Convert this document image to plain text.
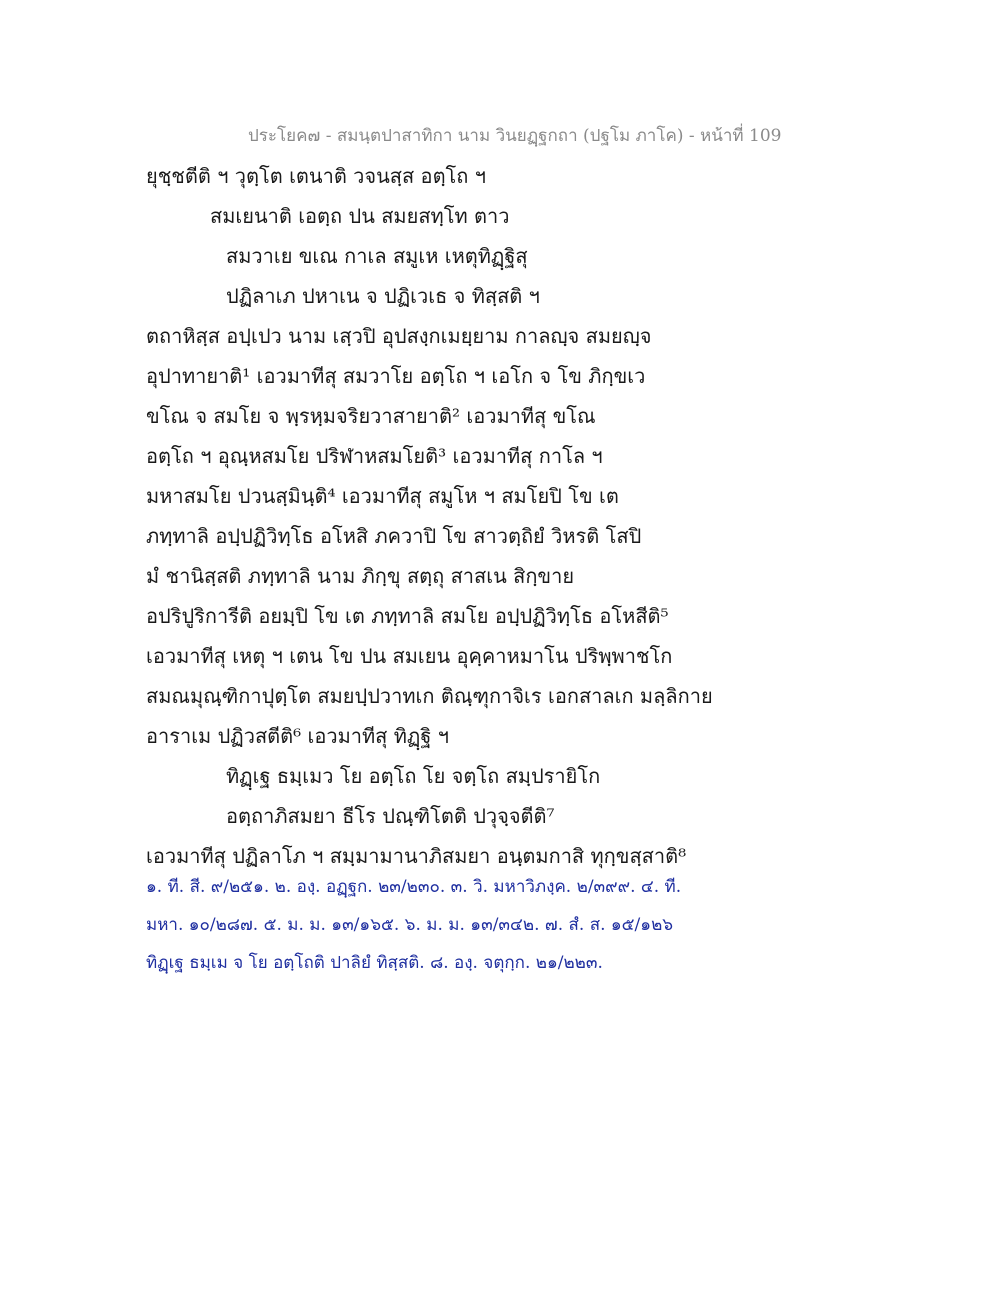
ประโยค๗ - สมนฺตปาสาทิกา นาม วินยฏฺฐกถา (ปฐโม ภาโค) - หน้าที่ 109
ยุชฺชตีติ ฯ วุตฺโต เตนาติ วจนสฺส อตฺโถ ฯ
สมเยนาติ เอตฺถ ปน สมยสทฺโท ตาว
สมวาเย ขเณ กาเล สมูเห เหตุทิฏฺฐิสุ
ปฏิลาเภ ปหาเน จ ปฏิเวเธ จ ทิสฺสติ ฯ
ตถาหิสฺส อปฺเปว นาม เสฺวปิ อุปสงฺกเมยฺยาม กาลญฺจ สมยญฺจ
อุปาทายาติ¹ เอวมาทีสุ สมวาโย อตฺโถ ฯ เอโก จ โข ภิกฺขเว
ขโณ จ สมโย จ พฺรหฺมจริยวาสายาติ² เอวมาทีสุ ขโณ
อตฺโถ ฯ อุณฺหสมโย ปริฬาหสมโยติ³ เอวมาทีสุ กาโล ฯ
มหาสมโย ปวนสฺมินฺติ⁴ เอวมาทีสุ สมูโห ฯ สมโยปิ โข เต
ภทฺทาลิ อปฺปฏิวิทฺโธ อโหสิ ภควาปิ โข สาวตฺถิยํ วิหรติ โสปิ
มํ ชานิสฺสติ ภทฺทาลิ นาม ภิกฺขุ สตฺถุ สาสเน สิกฺขาย
อปริปูริการีติ อยมฺปิ โข เต ภทฺทาลิ สมโย อปฺปฏิวิทฺโธ อโหสีติ⁵
เอวมาทีสุ เหตุ ฯ เตน โข ปน สมเยน อุคฺคาหมาโน ปริพฺพาชโก
สมณมุณฺฑิกาปุตฺโต สมยปฺปวาทเก ติณฺฑุกาจิเร เอกสาลเก มลฺลิกาย
อาราเม ปฏิวสตีติ⁶ เอวมาทีสุ ทิฏฺฐิ ฯ
ทิฏฺเฐ ธมฺเมว โย อตฺโถ โย จตฺโถ สมฺปรายิโก
อตฺถาภิสมยา ธีโร ปณฺฑิโตติ ปวุจฺจตีติ⁷
เอวมาทีสุ ปฏิลาโภ ฯ สมฺมามานาภิสมยา อนฺตมกาสิ ทุกฺขสฺสาติ⁸
๑. ที. สี. ๙/๒๕๑. ๒. องฺ. อฏฺฐก. ๒๓/๒๓๐. ๓. วิ. มหาวิภงฺค. ๒/๓๙๙. ๔. ที.
มหา. ๑๐/๒๘๗. ๕. ม. ม. ๑๓/๑๖๕. ๖. ม. ม. ๑๓/๓๔๒. ๗. สํ. ส. ๑๕/๑๒๖
ทิฏฺเฐ ธมฺเม จ โย อตฺโถติ ปาลิยํ ทิสฺสติ. ๘. องฺ. จตุกฺก. ๒๑/๒๒๓.
